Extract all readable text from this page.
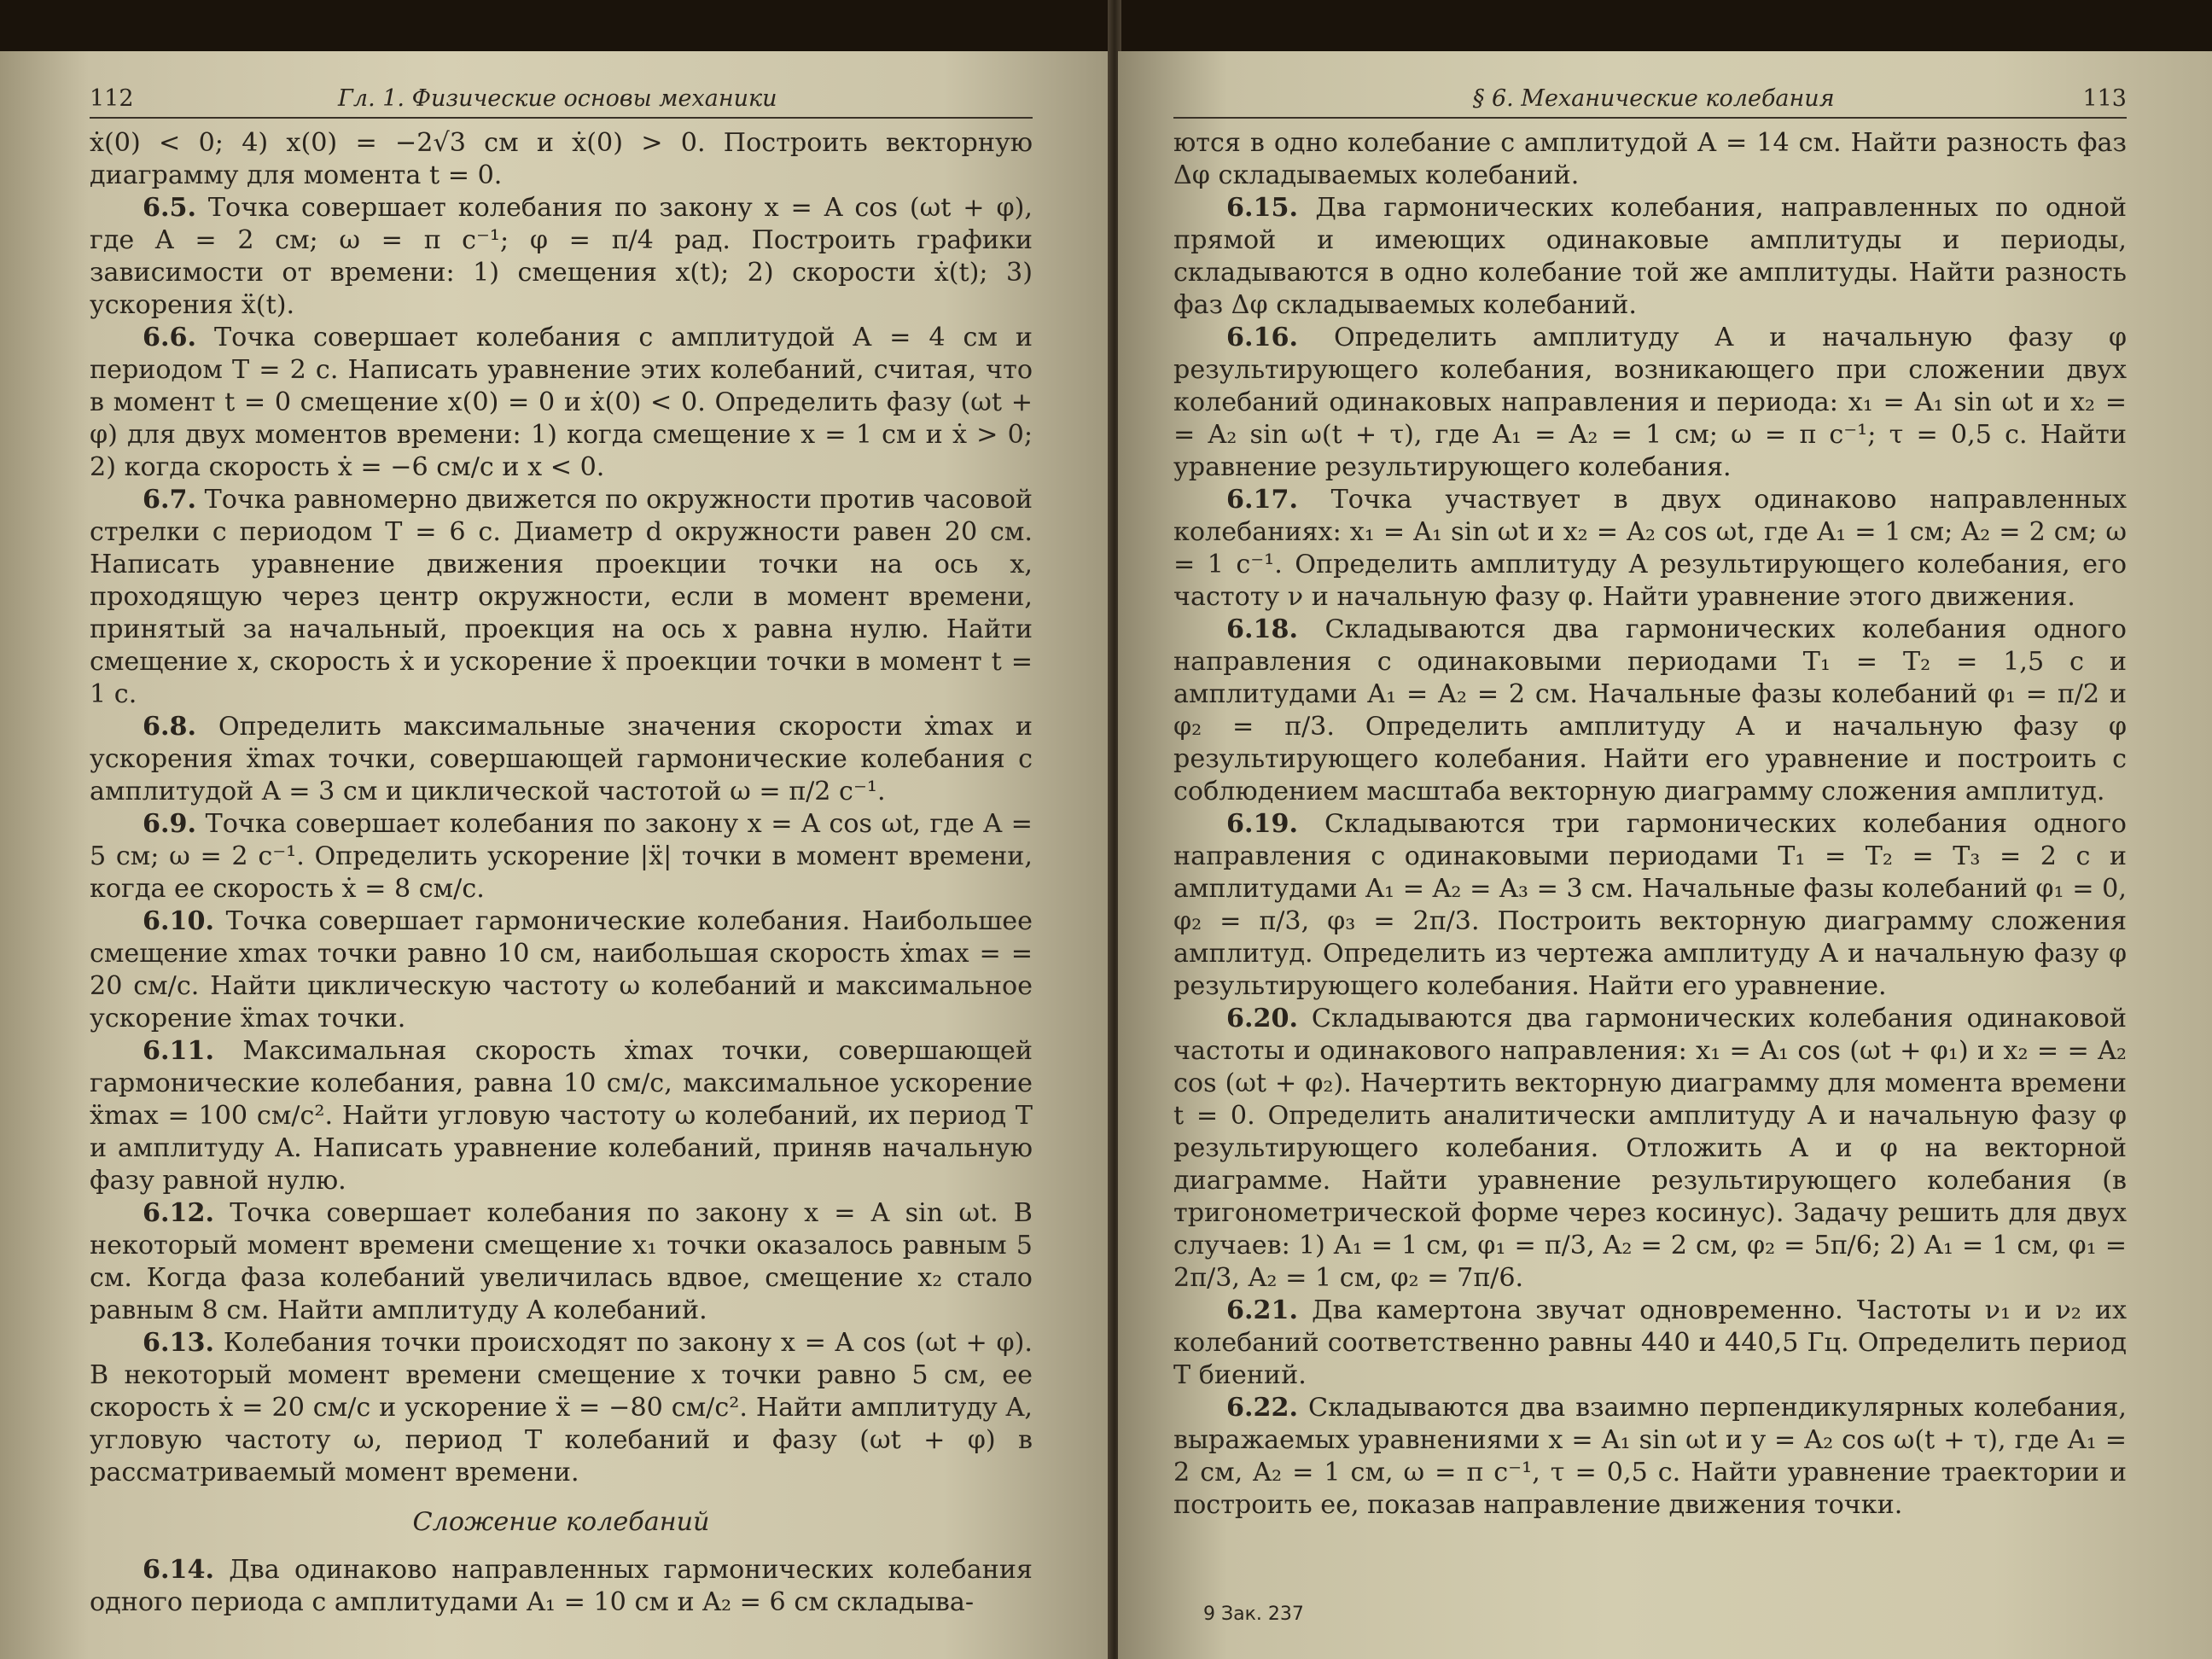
112	Гл. 1. Физические основы механики

ẋ(0) < 0; 4) x(0) = −2√3 см и ẋ(0) > 0. Построить векторную диаграмму для момента t = 0.

6.5. Точка совершает колебания по закону x = A cos (ωt + φ), где A = 2 см; ω = π с⁻¹; φ = π/4 рад. Построить графики зависимости от времени: 1) смещения x(t); 2) скорости ẋ(t); 3) ускорения ẍ(t).

6.6. Точка совершает колебания с амплитудой A = 4 см и периодом T = 2 с. Написать уравнение этих колебаний, считая, что в момент t = 0 смещение x(0) = 0 и ẋ(0) < 0. Определить фазу (ωt + φ) для двух моментов времени: 1) когда смещение x = 1 см и ẋ > 0; 2) когда скорость ẋ = −6 см/с и x < 0.

6.7. Точка равномерно движется по окружности против часовой стрелки с периодом T = 6 с. Диаметр d окружности равен 20 см. Написать уравнение движения проекции точки на ось x, проходящую через центр окружности, если в момент времени, принятый за начальный, проекция на ось x равна нулю. Найти смещение x, скорость ẋ и ускорение ẍ проекции точки в момент t = 1 с.

6.8. Определить максимальные значения скорости ẋmax и ускорения ẍmax точки, совершающей гармонические колебания с амплитудой A = 3 см и циклической частотой ω = π/2 с⁻¹.

6.9. Точка совершает колебания по закону x = A cos ωt, где A = 5 см; ω = 2 с⁻¹. Определить ускорение |ẍ| точки в момент времени, когда ее скорость ẋ = 8 см/с.

6.10. Точка совершает гармонические колебания. Наибольшее смещение xmax точки равно 10 см, наибольшая скорость ẋmax = = 20 см/с. Найти циклическую частоту ω колебаний и максимальное ускорение ẍmax точки.

6.11. Максимальная скорость ẋmax точки, совершающей гармонические колебания, равна 10 см/с, максимальное ускорение ẍmax = 100 см/с². Найти угловую частоту ω колебаний, их период T и амплитуду A. Написать уравнение колебаний, приняв начальную фазу равной нулю.

6.12. Точка совершает колебания по закону x = A sin ωt. В некоторый момент времени смещение x₁ точки оказалось равным 5 см. Когда фаза колебаний увеличилась вдвое, смещение x₂ стало равным 8 см. Найти амплитуду A колебаний.

6.13. Колебания точки происходят по закону x = A cos (ωt + φ). В некоторый момент времени смещение x точки равно 5 см, ее скорость ẋ = 20 см/с и ускорение ẍ = −80 см/с². Найти амплитуду A, угловую частоту ω, период T колебаний и фазу (ωt + φ) в рассматриваемый момент времени.

Сложение колебаний

6.14. Два одинаково направленных гармонических колебания одного периода с амплитудами A₁ = 10 см и A₂ = 6 см складыва-

§ 6. Механические колебания	113

ются в одно колебание с амплитудой A = 14 см. Найти разность фаз Δφ складываемых колебаний.

6.15. Два гармонических колебания, направленных по одной прямой и имеющих одинаковые амплитуды и периоды, складываются в одно колебание той же амплитуды. Найти разность фаз Δφ складываемых колебаний.

6.16. Определить амплитуду A и начальную фазу φ результирующего колебания, возникающего при сложении двух колебаний одинаковых направления и периода: x₁ = A₁ sin ωt и x₂ = = A₂ sin ω(t + τ), где A₁ = A₂ = 1 см; ω = π с⁻¹; τ = 0,5 с. Найти уравнение результирующего колебания.

6.17. Точка участвует в двух одинаково направленных колебаниях: x₁ = A₁ sin ωt и x₂ = A₂ cos ωt, где A₁ = 1 см; A₂ = 2 см; ω = 1 с⁻¹. Определить амплитуду A результирующего колебания, его частоту ν и начальную фазу φ. Найти уравнение этого движения.

6.18. Складываются два гармонических колебания одного направления с одинаковыми периодами T₁ = T₂ = 1,5 с и амплитудами A₁ = A₂ = 2 см. Начальные фазы колебаний φ₁ = π/2 и φ₂ = π/3. Определить амплитуду A и начальную фазу φ результирующего колебания. Найти его уравнение и построить с соблюдением масштаба векторную диаграмму сложения амплитуд.

6.19. Складываются три гармонических колебания одного направления с одинаковыми периодами T₁ = T₂ = T₃ = 2 с и амплитудами A₁ = A₂ = A₃ = 3 см. Начальные фазы колебаний φ₁ = 0, φ₂ = π/3, φ₃ = 2π/3. Построить векторную диаграмму сложения амплитуд. Определить из чертежа амплитуду A и начальную фазу φ результирующего колебания. Найти его уравнение.

6.20. Складываются два гармонических колебания одинаковой частоты и одинакового направления: x₁ = A₁ cos (ωt + φ₁) и x₂ = = A₂ cos (ωt + φ₂). Начертить векторную диаграмму для момента времени t = 0. Определить аналитически амплитуду A и начальную фазу φ результирующего колебания. Отложить A и φ на векторной диаграмме. Найти уравнение результирующего колебания (в тригонометрической форме через косинус). Задачу решить для двух случаев: 1) A₁ = 1 см, φ₁ = π/3, A₂ = 2 см, φ₂ = 5π/6; 2) A₁ = 1 см, φ₁ = 2π/3, A₂ = 1 см, φ₂ = 7π/6.

6.21. Два камертона звучат одновременно. Частоты ν₁ и ν₂ их колебаний соответственно равны 440 и 440,5 Гц. Определить период T биений.

6.22. Складываются два взаимно перпендикулярных колебания, выражаемых уравнениями x = A₁ sin ωt и y = A₂ cos ω(t + τ), где A₁ = 2 см, A₂ = 1 см, ω = π с⁻¹, τ = 0,5 с. Найти уравнение траектории и построить ее, показав направление движения точки.

9 Зак. 237
